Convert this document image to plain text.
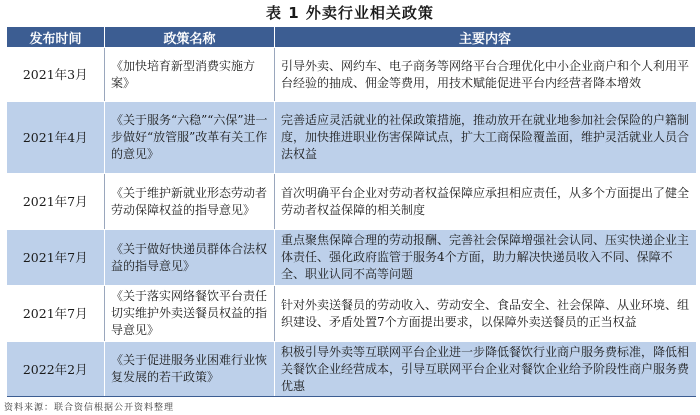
表 1 外卖行业相关政策
发布时间	政策名称	主要内容
2021年3月	《加快培育新型消费实施方案》	引导外卖、网约车、电子商务等网络平台合理优化中小企业商户和个人利用平台经验的抽成、佣金等费用，用技术赋能促进平台内经营者降本增效
2021年4月	《关于服务“六稳”“六保”进一步做好“放管服”改革有关工作的意见》	完善适应灵活就业的社保政策措施，推动放开在就业地参加社会保险的户籍制度，加快推进职业伤害保障试点，扩大工商保险覆盖面，维护灵活就业人员合法权益
2021年7月	《关于维护新就业形态劳动者劳动保障权益的指导意见》	首次明确平台企业对劳动者权益保障应承担相应责任，从多个方面提出了健全劳动者权益保障的相关制度
2021年7月	《关于做好快递员群体合法权益的指导意见》	重点聚焦保障合理的劳动报酬、完善社会保障增强社会认同、压实快递企业主体责任、强化政府监管于服务4个方面，助力解决快递员收入不同、保障不全、职业认同不高等问题
2021年7月	《关于落实网络餐饮平台责任切实维护外卖送餐员权益的指导意见》	针对外卖送餐员的劳动收入、劳动安全、食品安全、社会保障、从业环境、组织建设、矛盾处置7个方面提出要求，以保障外卖送餐员的正当权益
2022年2月	《关于促进服务业困难行业恢复发展的若干政策》	积极引导外卖等互联网平台企业进一步降低餐饮行业商户服务费标准，降低相关餐饮企业经营成本，引导互联网平台企业对餐饮企业给予阶段性商户服务费优惠
资料来源：联合资信根据公开资料整理
